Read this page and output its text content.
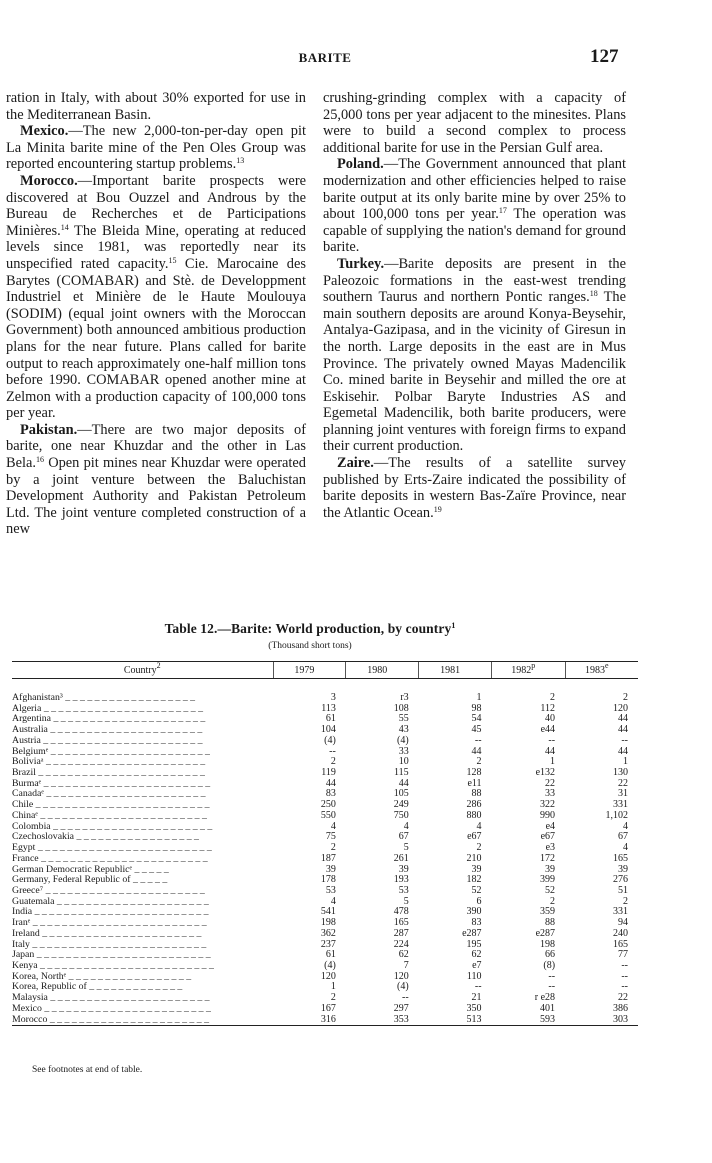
BARITE	127

ration in Italy, with about 30% exported for use in the Mediterranean Basin.

Mexico.—The new 2,000-ton-per-day open pit La Minita barite mine of the Pen Oles Group was reported encountering startup problems.$^{13}$

Morocco.—Important barite prospects were discovered at Bou Ouzzel and Androus by the Bureau de Recherches et de Participations Minières.$^{14}$ The Bleida Mine, operating at reduced levels since 1981, was reportedly near its unspecified rated capacity.$^{15}$ Cie. Marocaine des Barytes (COMABAR) and Stè. de Developpment Industriel et Minière de le Haute Moulouya (SODIM) (equal joint owners with the Moroccan Government) both announced ambitious production plans for the near future. Plans called for barite output to reach approximately one-half million tons before 1990. COMABAR opened another mine at Zelmon with a production capacity of 100,000 tons per year.

Pakistan.—There are two major deposits of barite, one near Khuzdar and the other in Las Bela.$^{16}$ Open pit mines near Khuzdar were operated by a joint venture between the Baluchistan Development Authority and Pakistan Petroleum Ltd. The joint venture completed construction of a new

crushing-grinding complex with a capacity of 25,000 tons per year adjacent to the minesites. Plans were to build a second complex to process additional barite for use in the Persian Gulf area.

Poland.—The Government announced that plant modernization and other efficiencies helped to raise barite output at its only barite mine by over 25% to about 100,000 tons per year.$^{17}$ The operation was capable of supplying the nation's demand for ground barite.

Turkey.—Barite deposits are present in the Paleozoic formations in the east-west trending southern Taurus and northern Pontic ranges.$^{18}$ The main southern deposits are around Konya-Beysehir, Antalya-Gazipasa, and in the vicinity of Giresun in the north. Large deposits in the east are in Mus Province. The privately owned Mayas Madencilik Co. mined barite in Beysehir and milled the ore at Eskisehir. Polbar Baryte Industries AS and Egemetal Madencilik, both barite producers, were planning joint ventures with foreign firms to expand their current production.

Zaire.—The results of a satellite survey published by Erts-Zaire indicated the possibility of barite deposits in western Bas-Zaïre Province, near the Atlantic Ocean.$^{19}$

Table 12.—Barite: World production, by country$^1$
(Thousand short tons)
Country$^2$	1979	1980	1981	1982$^p$	1983e
Afghanistan³ _ _ _ _ _ _ _ _ _ _ _ _ _ _ _ _ _ _	3	r3	1	2	2
Algeria _ _ _ _ _ _ _ _ _ _ _ _ _ _ _ _ _ _ _ _ _ _	113	108	98	112	120
Argentina _ _ _ _ _ _ _ _ _ _ _ _ _ _ _ _ _ _ _ _ _	61	55	54	40	44
Australia _ _ _ _ _ _ _ _ _ _ _ _ _ _ _ _ _ _ _ _ _	104	43	45	e44	44
Austria _ _ _ _ _ _ _ _ _ _ _ _ _ _ _ _ _ _ _ _ _ _	(4)	(4)	--	--	--
Belgiumᵉ _ _ _ _ _ _ _ _ _ _ _ _ _ _ _ _ _ _ _ _ _ _	--	33	44	44	44
Boliviaᵃ _ _ _ _ _ _ _ _ _ _ _ _ _ _ _ _ _ _ _ _ _ _	2	10	2	1	1
Brazil _ _ _ _ _ _ _ _ _ _ _ _ _ _ _ _ _ _ _ _ _ _ _	119	115	128	e132	130
Burmaᵉ _ _ _ _ _ _ _ _ _ _ _ _ _ _ _ _ _ _ _ _ _ _ _	44	44	e11	22	22
Canadaᵉ _ _ _ _ _ _ _ _ _ _ _ _ _ _ _ _ _ _ _ _ _ _	83	105	88	33	31
Chile _ _ _ _ _ _ _ _ _ _ _ _ _ _ _ _ _ _ _ _ _ _ _ _	250	249	286	322	331
Chinaᵉ _ _ _ _ _ _ _ _ _ _ _ _ _ _ _ _ _ _ _ _ _ _ _	550	750	880	990	1,102
Colombia _ _ _ _ _ _ _ _ _ _ _ _ _ _ _ _ _ _ _ _ _ _	4	4	4	e4	4
Czechoslovakia _ _ _ _ _ _ _ _ _ _ _ _ _ _ _ _ _	75	67	e67	e67	67
Egypt _ _ _ _ _ _ _ _ _ _ _ _ _ _ _ _ _ _ _ _ _ _ _ _	2	5	2	e3	4
France _ _ _ _ _ _ _ _ _ _ _ _ _ _ _ _ _ _ _ _ _ _ _	187	261	210	172	165
German Democratic Republicᵉ _ _ _ _ _	39	39	39	39	39
Germany, Federal Republic of _ _ _ _ _	178	193	182	399	276
Greece⁷ _ _ _ _ _ _ _ _ _ _ _ _ _ _ _ _ _ _ _ _ _ _	53	53	52	52	51
Guatemala _ _ _ _ _ _ _ _ _ _ _ _ _ _ _ _ _ _ _ _ _	4	5	6	2	2
India _ _ _ _ _ _ _ _ _ _ _ _ _ _ _ _ _ _ _ _ _ _ _ _	541	478	390	359	331
Iranᵉ _ _ _ _ _ _ _ _ _ _ _ _ _ _ _ _ _ _ _ _ _ _ _ _	198	165	83	88	94
Ireland _ _ _ _ _ _ _ _ _ _ _ _ _ _ _ _ _ _ _ _ _ _	362	287	e287	e287	240
Italy _ _ _ _ _ _ _ _ _ _ _ _ _ _ _ _ _ _ _ _ _ _ _ _	237	224	195	198	165
Japan _ _ _ _ _ _ _ _ _ _ _ _ _ _ _ _ _ _ _ _ _ _ _ _	61	62	62	66	77
Kenya _ _ _ _ _ _ _ _ _ _ _ _ _ _ _ _ _ _ _ _ _ _ _ _	(4)	7	e7	(8)	--
Korea, Northᵉ _ _ _ _ _ _ _ _ _ _ _ _ _ _ _ _ _	120	120	110	--	--
Korea, Republic of _ _ _ _ _ _ _ _ _ _ _ _ _	1	(4)	--	--	--
Malaysia _ _ _ _ _ _ _ _ _ _ _ _ _ _ _ _ _ _ _ _ _ _	2	--	21	r e28	22
Mexico _ _ _ _ _ _ _ _ _ _ _ _ _ _ _ _ _ _ _ _ _ _ _	167	297	350	401	386
Morocco _ _ _ _ _ _ _ _ _ _ _ _ _ _ _ _ _ _ _ _ _ _	316	353	513	593	303
See footnotes at end of table.
